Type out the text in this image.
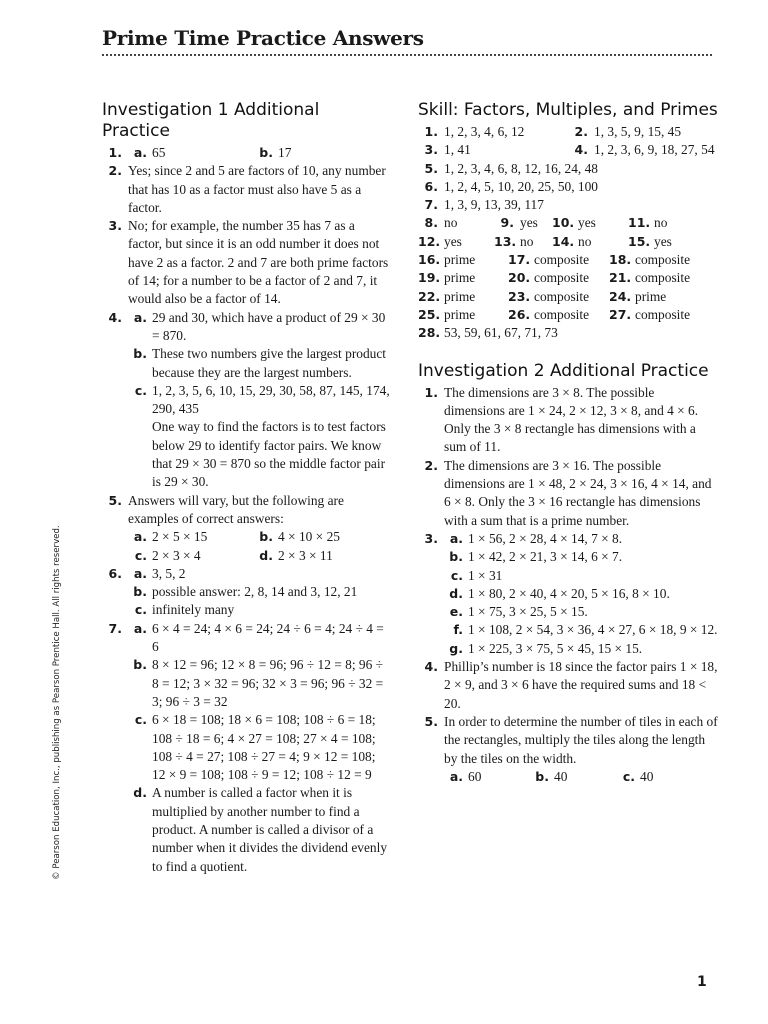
Prime Time Practice Answers
Investigation 1 Additional Practice
1. a. 65	b. 17
2. Yes; since 2 and 5 are factors of 10, any number that has 10 as a factor must also have 5 as a factor.
3. No; for example, the number 35 has 7 as a factor, but since it is an odd number it does not have 2 as a factor. 2 and 7 are both prime factors of 14; for a number to be a factor of 2 and 7, it would also be a factor of 14.
4. a. 29 and 30, which have a product of 29 × 30 = 870.
b. These two numbers give the largest product because they are the largest numbers.
c. 1, 2, 3, 5, 6, 10, 15, 29, 30, 58, 87, 145, 174, 290, 435
One way to find the factors is to test factors below 29 to identify factor pairs. We know that 29 × 30 = 870 so the middle factor pair is 29 × 30.
5. Answers will vary, but the following are examples of correct answers:
a. 2 × 5 × 15	b. 4 × 10 × 25
c. 2 × 3 × 4	d. 2 × 3 × 11
6. a. 3, 5, 2
b. possible answer: 2, 8, 14 and 3, 12, 21
c. infinitely many
7. a. 6 × 4 = 24; 4 × 6 = 24; 24 ÷ 6 = 4; 24 ÷ 4 = 6
b. 8 × 12 = 96; 12 × 8 = 96; 96 ÷ 12 = 8; 96 ÷ 8 = 12; 3 × 32 = 96; 32 × 3 = 96; 96 ÷ 32 = 3; 96 ÷ 3 = 32
c. 6 × 18 = 108; 18 × 6 = 108; 108 ÷ 6 = 18; 108 ÷ 18 = 6; 4 × 27 = 108; 27 × 4 = 108; 108 ÷ 4 = 27; 108 ÷ 27 = 4; 9 × 12 = 108; 12 × 9 = 108; 108 ÷ 9 = 12; 108 ÷ 12 = 9
d. A number is called a factor when it is multiplied by another number to find a product. A number is called a divisor of a number when it divides the dividend evenly to find a quotient.
Skill: Factors, Multiples, and Primes
1. 1, 2, 3, 4, 6, 12	2. 1, 3, 5, 9, 15, 45
3. 1, 41	4. 1, 2, 3, 6, 9, 18, 27, 54
5. 1, 2, 3, 4, 6, 8, 12, 16, 24, 48
6. 1, 2, 4, 5, 10, 20, 25, 50, 100
7. 1, 3, 9, 13, 39, 117
8. no	9. yes 10. yes	11. no
12. yes	13. no 14. no	15. yes
16. prime	17. composite 18. composite
19. prime	20. composite 21. composite
22. prime	23. composite 24. prime
25. prime	26. composite 27. composite
28. 53, 59, 61, 67, 71, 73
Investigation 2 Additional Practice
1. The dimensions are 3 × 8. The possible dimensions are 1 × 24, 2 × 12, 3 × 8, and 4 × 6. Only the 3 × 8 rectangle has dimensions with a sum of 11.
2. The dimensions are 3 × 16. The possible dimensions are 1 × 48, 2 × 24, 3 × 16, 4 × 14, and 6 × 8. Only the 3 × 16 rectangle has dimensions with a sum that is a prime number.
3. a. 1 × 56, 2 × 28, 4 × 14, 7 × 8.
b. 1 × 42, 2 × 21, 3 × 14, 6 × 7.
c. 1 × 31
d. 1 × 80, 2 × 40, 4 × 20, 5 × 16, 8 × 10.
e. 1 × 75, 3 × 25, 5 × 15.
f. 1 × 108, 2 × 54, 3 × 36, 4 × 27, 6 × 18, 9 × 12.
g. 1 × 225, 3 × 75, 5 × 45, 15 × 15.
4. Phillip’s number is 18 since the factor pairs 1 × 18, 2 × 9, and 3 × 6 have the required sums and 18 < 20.
5. In order to determine the number of tiles in each of the rectangles, multiply the tiles along the length by the tiles on the width.
a. 60	b. 40	c. 40
© Pearson Education, Inc., publishing as Pearson Prentice Hall. All rights reserved.
1
